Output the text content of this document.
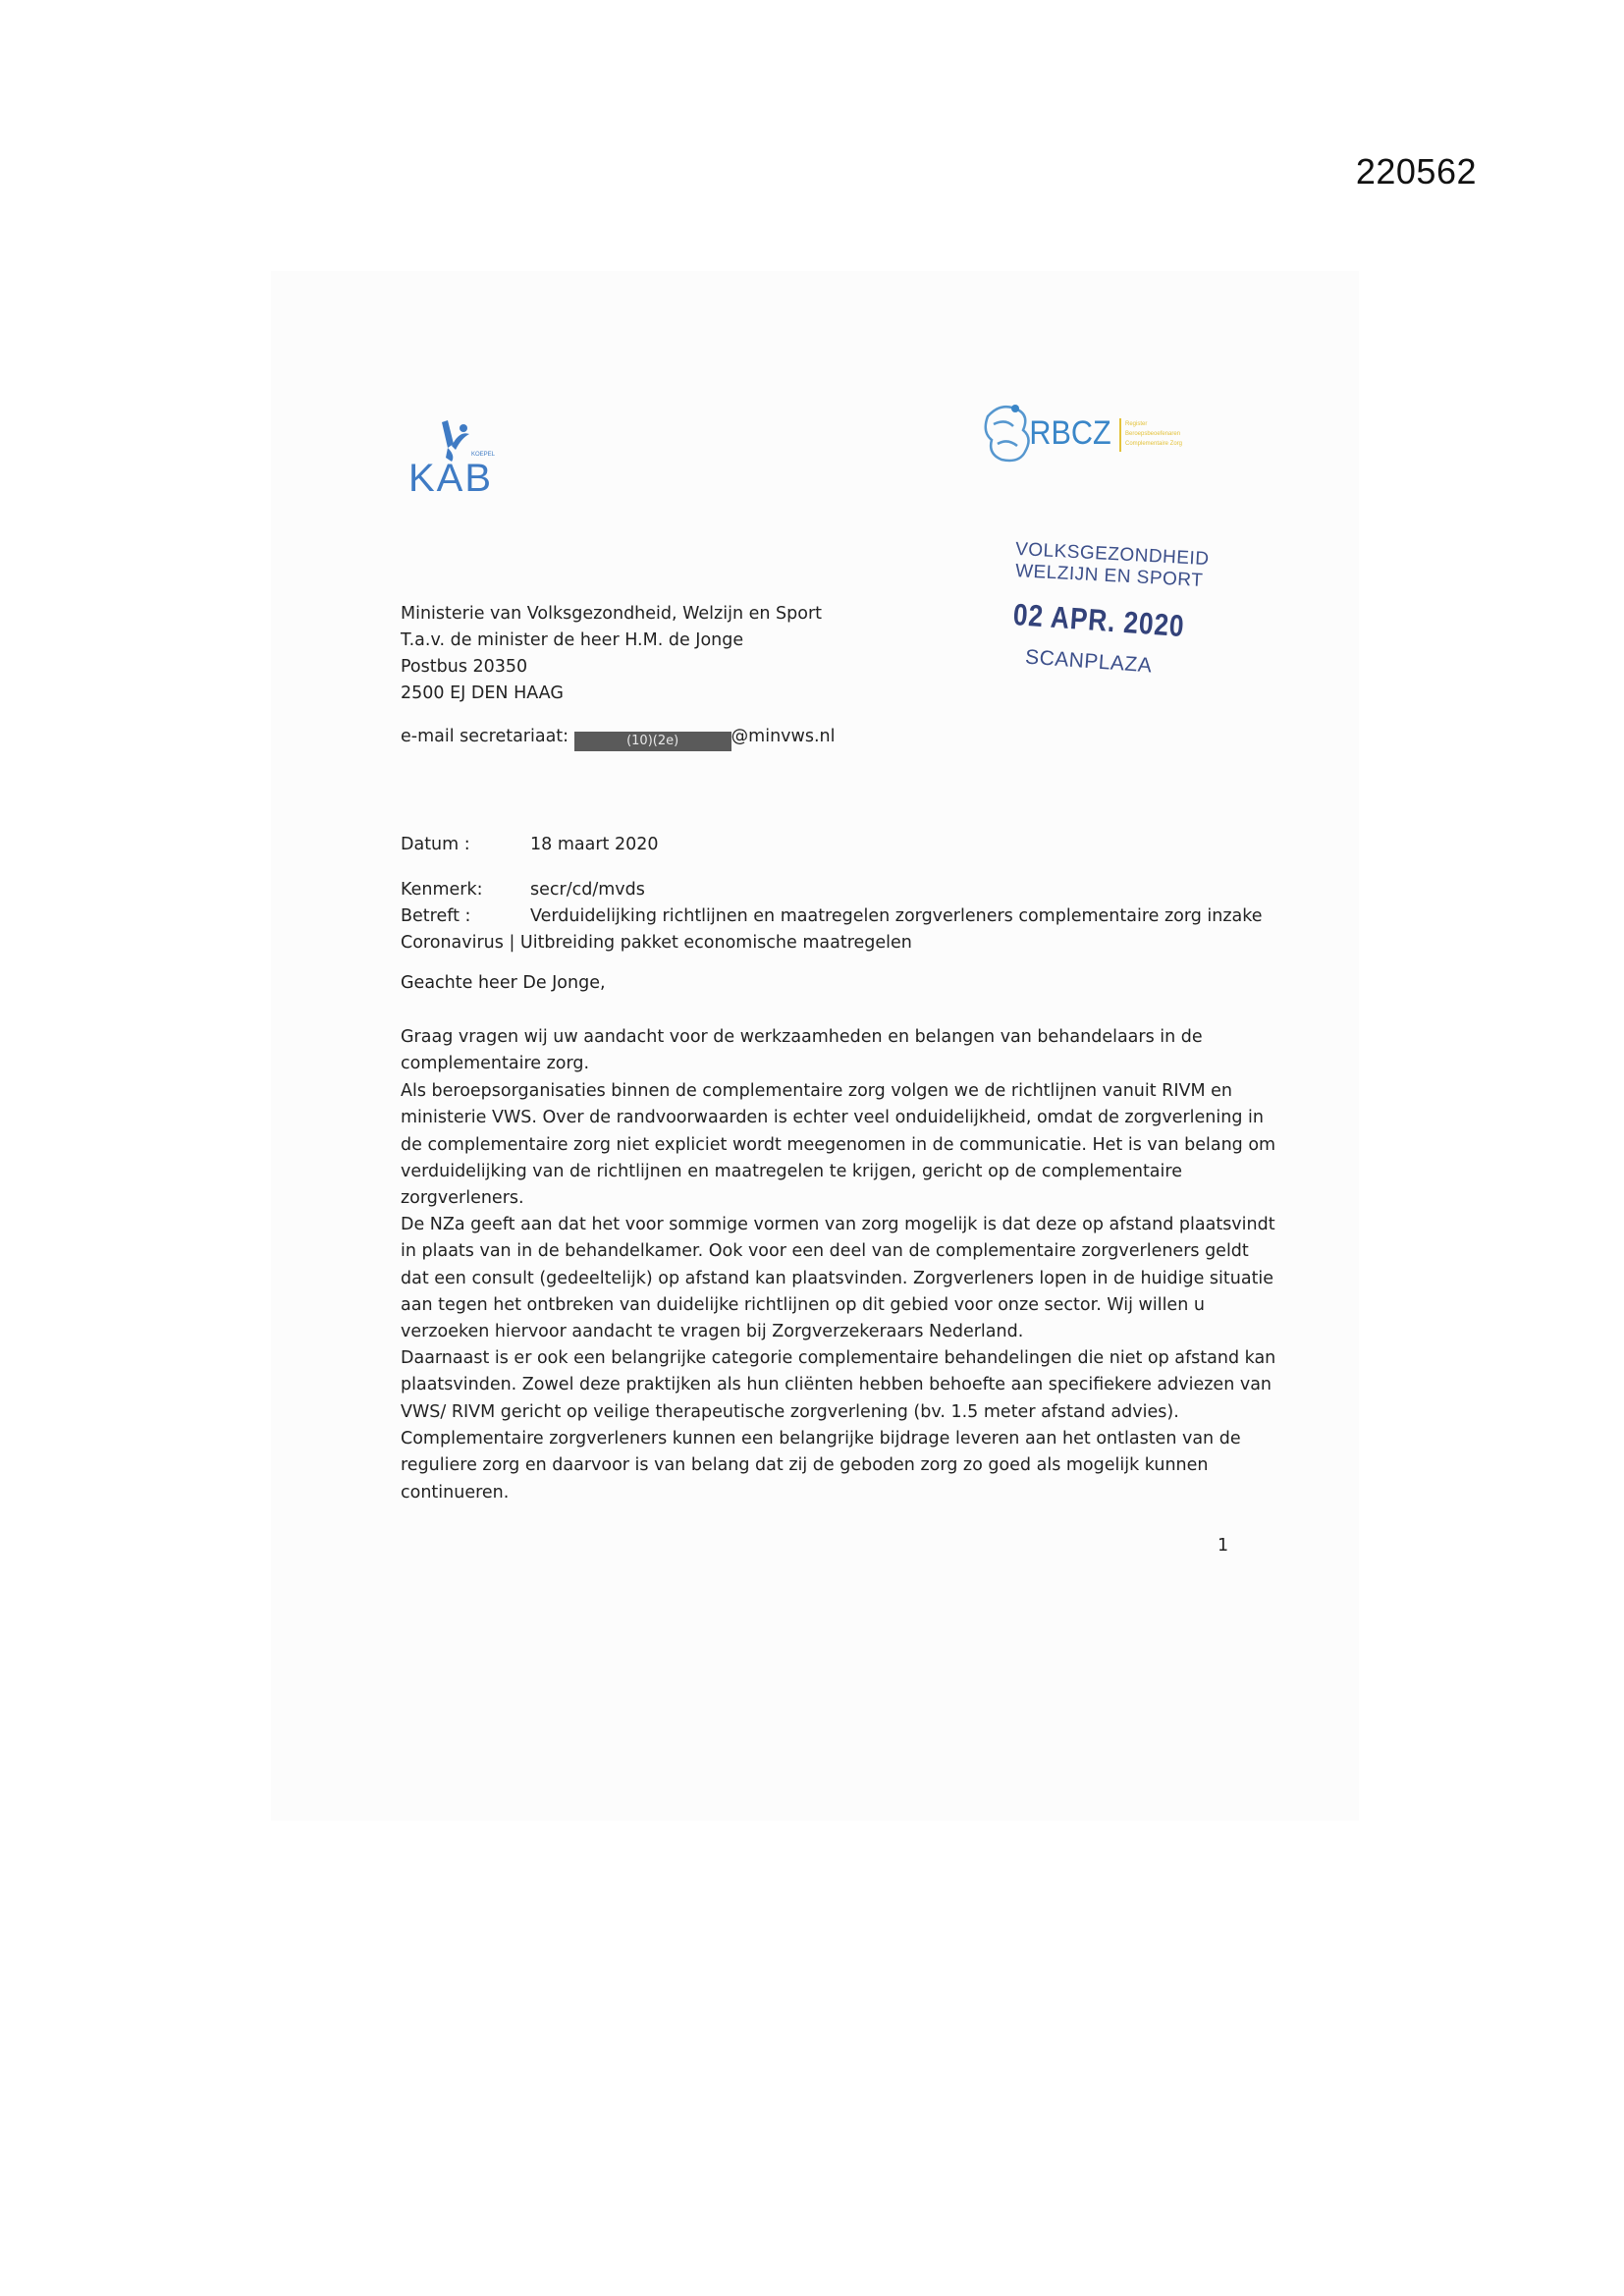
220562
KOEPEL
KAB
RBCZ Register
Beroepsbeoefenaren
Complementaire Zorg
VOLKSGEZONDHEID
WELZIJN EN SPORT
02 APR. 2020
SCANPLAZA
Ministerie van Volksgezondheid, Welzijn en Sport
T.a.v. de minister de heer H.M. de Jonge
Postbus 20350
2500 EJ DEN HAAG
e-mail secretariaat:	(10)(2e)	@minvws.nl
Datum :	18 maart 2020
Kenmerk:	secr/cd/mvds
Betreft :	Verduidelijking richtlijnen en maatregelen zorgverleners complementaire zorg inzake
Coronavirus | Uitbreiding pakket economische maatregelen
Geachte heer De Jonge,
Graag vragen wij uw aandacht voor de werkzaamheden en belangen van behandelaars in de
complementaire zorg.
Als beroepsorganisaties binnen de complementaire zorg volgen we de richtlijnen vanuit RIVM en
ministerie VWS. Over de randvoorwaarden is echter veel onduidelijkheid, omdat de zorgverlening in
de complementaire zorg niet expliciet wordt meegenomen in de communicatie. Het is van belang om
verduidelijking van de richtlijnen en maatregelen te krijgen, gericht op de complementaire
zorgverleners.
De NZa geeft aan dat het voor sommige vormen van zorg mogelijk is dat deze op afstand plaatsvindt
in plaats van in de behandelkamer. Ook voor een deel van de complementaire zorgverleners geldt
dat een consult (gedeeltelijk) op afstand kan plaatsvinden. Zorgverleners lopen in de huidige situatie
aan tegen het ontbreken van duidelijke richtlijnen op dit gebied voor onze sector. Wij willen u
verzoeken hiervoor aandacht te vragen bij Zorgverzekeraars Nederland.
Daarnaast is er ook een belangrijke categorie complementaire behandelingen die niet op afstand kan
plaatsvinden. Zowel deze praktijken als hun cliënten hebben behoefte aan specifiekere adviezen van
VWS/ RIVM gericht op veilige therapeutische zorgverlening (bv. 1.5 meter afstand advies).
Complementaire zorgverleners kunnen een belangrijke bijdrage leveren aan het ontlasten van de
reguliere zorg en daarvoor is van belang dat zij de geboden zorg zo goed als mogelijk kunnen
continueren.
1
